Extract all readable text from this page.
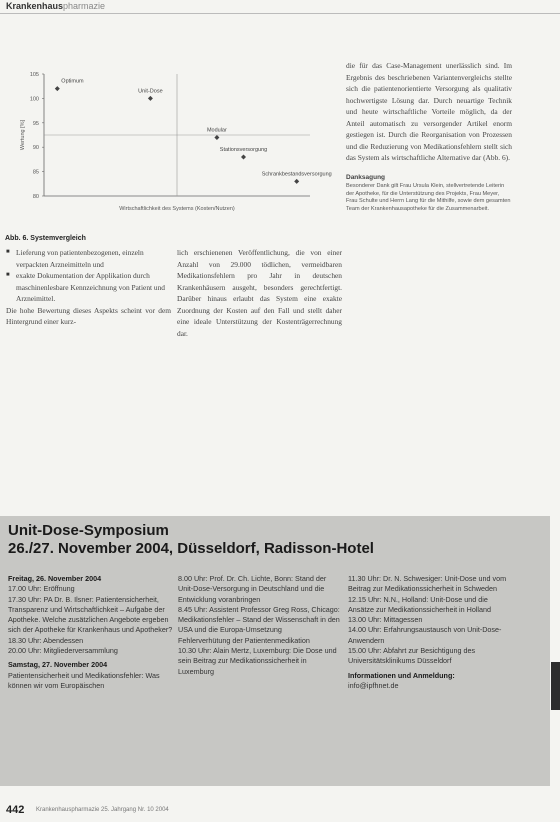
Krankenhauspharmazie
80
85
90
95
100
105
Wertung [%]
Wirtschaftlichkeit des Systems (Kosten/Nutzen)
Optimum
Unit-Dose
Modular
Stationsversorgung
Schrankbestandsversorgung
Abb. 6. Systemvergleich
■ Lieferung von patientenbezogenen, einzeln verpackten Arzneimitteln und
■ exakte Dokumentation der Applikation durch maschinenlesbare Kennzeichnung von Patient und Arzneimittel.

Die hohe Bewertung dieses Aspekts scheint vor dem Hintergrund einer kurz-

lich erschienenen Veröffentlichung, die von einer Anzahl von 29.000 tödlichen, vermeidbaren Medikationsfehlern pro Jahr in deutschen Krankenhäusern ausgeht, besonders gerechtfertigt. Darüber hinaus erlaubt das System eine exakte Zuordnung der Kosten auf den Fall und stellt daher eine ideale Unterstützung der Kostenträgerrechnung dar.

die für das Case-Management unerlässlich sind. Im Ergebnis des beschriebenen Variantenvergleichs stellte sich die patientenorientierte Versorgung als qualitativ hochwertigste Lösung dar. Durch neuartige Technik und heute wirtschaftliche Vorteile möglich, da der Anteil automatisch zu versorgender Artikel enorm gestiegen ist. Durch die Reorganisation von Prozessen und die Reduzierung von Medikationsfehlern stellt sich das System als wirtschaftliche Alternative dar (Abb. 6).

Danksagung
Besonderer Dank gilt Frau Ursula Klein, stellvertretende Leiterin der Apotheke, für die Unterstützung des Projekts, Frau Meyer, Frau Schulte und Herrn Lang für die Mithilfe, sowie dem gesamten Team der Krankenhausapotheke für die Zusammenarbeit.
Unit-Dose-Symposium
26./27. November 2004, Düsseldorf, Radisson-Hotel
Freitag, 26. November 2004
17.00 Uhr: Eröffnung
17.30 Uhr: PA Dr. B. Ilsner: Patientensicherheit, Transparenz und Wirtschaftlichkeit – Aufgabe der Apotheke. Welche zusätzlichen Angebote ergeben sich der Apotheke für Krankenhaus und Apotheker?
18.30 Uhr: Abendessen
20.00 Uhr: Mitgliederversammlung
Samstag, 27. November 2004
Patientensicherheit und Medikationsfehler: Was können wir vom Europäischen
8.00 Uhr: Prof. Dr. Ch. Lichte, Bonn: Stand der Unit-Dose-Versorgung in Deutschland und die Entwicklung voranbringen
8.45 Uhr: Assistent Professor Greg Ross, Chicago: Medikationsfehler – Stand der Wissenschaft in den USA und die Europa-Umsetzung
Fehlerverhütung der Patientenmedikation
10.30 Uhr: Alain Mertz, Luxemburg: Die Dose und sein Beitrag zur Medikationssicherheit in Luxemburg
11.30 Uhr: Dr. N. Schwesiger: Unit-Dose und vom Beitrag zur Medikationssicherheit in Schweden
12.15 Uhr: N.N., Holland: Unit-Dose und die Ansätze zur Medikationssicherheit in Holland
13.00 Uhr: Mittagessen
14.00 Uhr: Erfahrungsaustausch von Unit-Dose-Anwendern
15.00 Uhr: Abfahrt zur Besichtigung des Universitätsklinikums Düsseldorf
Informationen und Anmeldung:
info@ipfhnet.de
442 Krankenhauspharmazie 25. Jahrgang Nr. 10 2004
